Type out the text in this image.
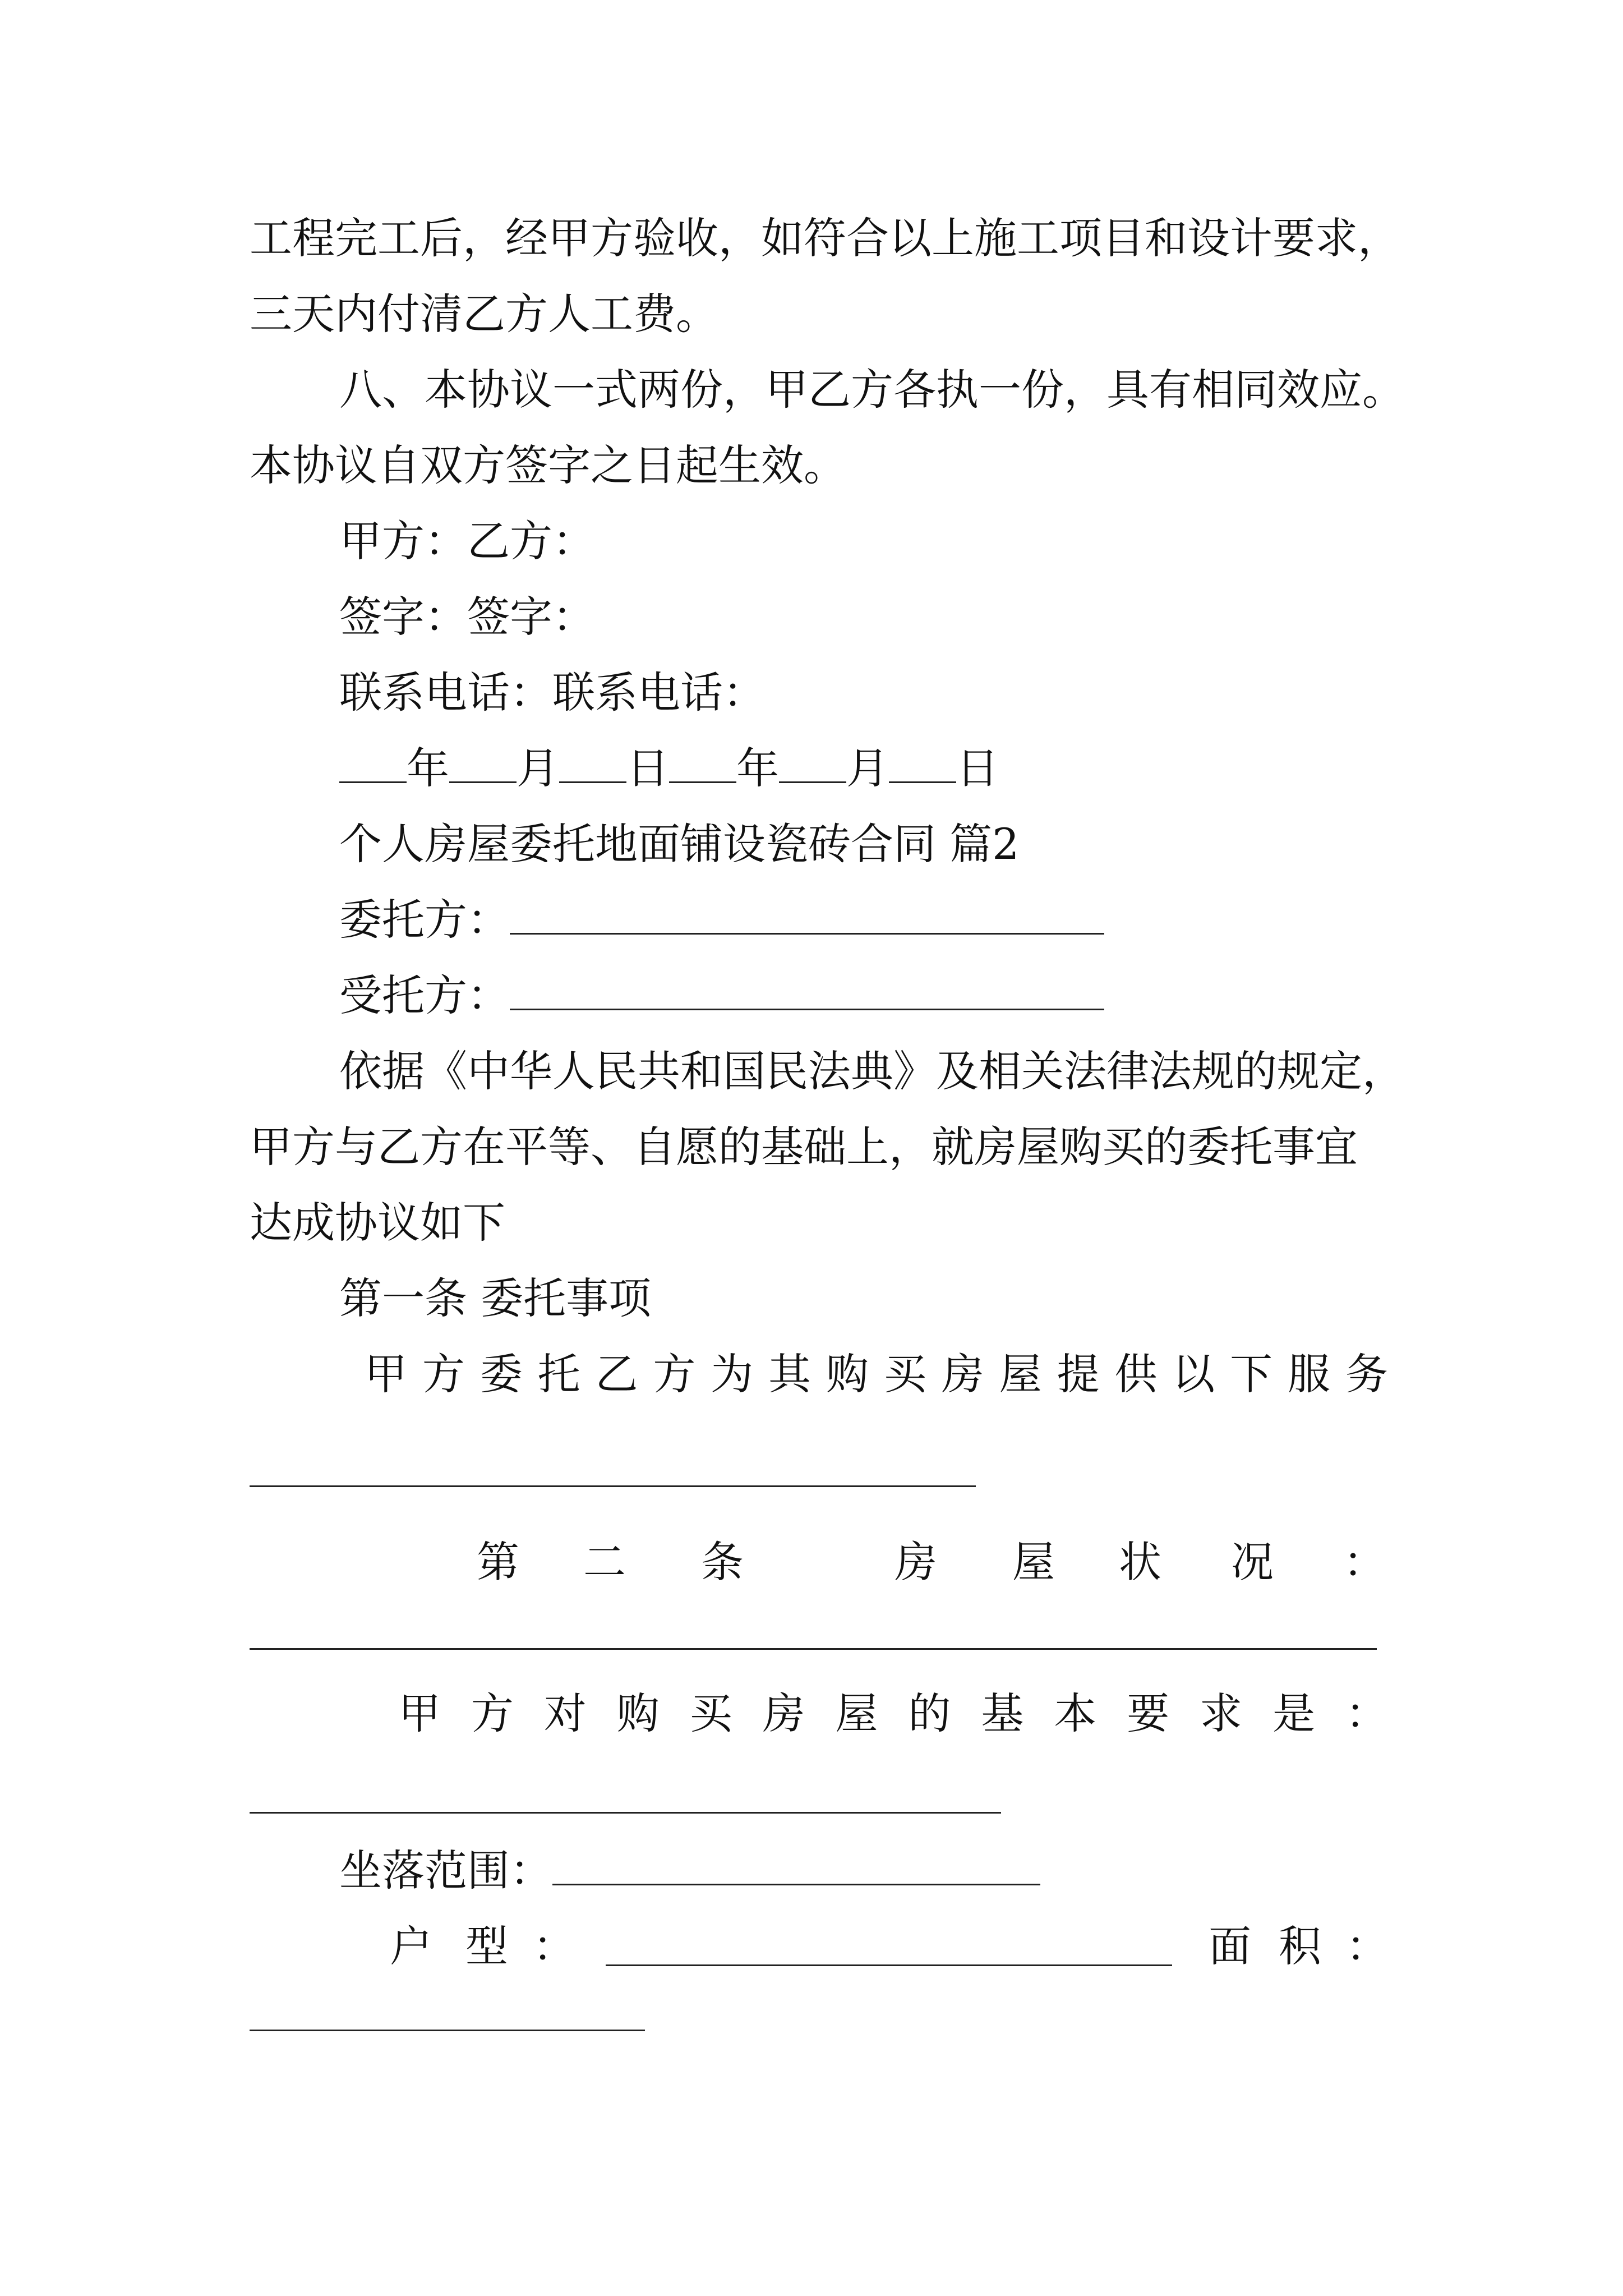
工程完工后，经甲方验收，如符合以上施工项目和设计要求，
三天内付清乙方人工费。
八、本协议一式两份，甲乙方各执一份，具有相同效应。
本协议自双方签字之日起生效。
甲方：乙方：
签字：签字：
联系电话：联系电话：
年 月 日 年 月 日
个人房屋委托地面铺设瓷砖合同 篇2
委托方：
受托方：
依据《中华人民共和国民法典》及相关法律法规的规定，
甲方与乙方在平等、自愿的基础上，就房屋购买的委托事宜
达成协议如下
第一条 委托事项
甲 方 委 托 乙 方 为 其 购 买 房 屋 提 供 以 下 服 务
第 二 条	房 屋 状 况 ：
甲 方 对 购 买 房 屋 的 基 本 要 求 是 ：
坐落范围：
户 型 ：	面 积 ：
